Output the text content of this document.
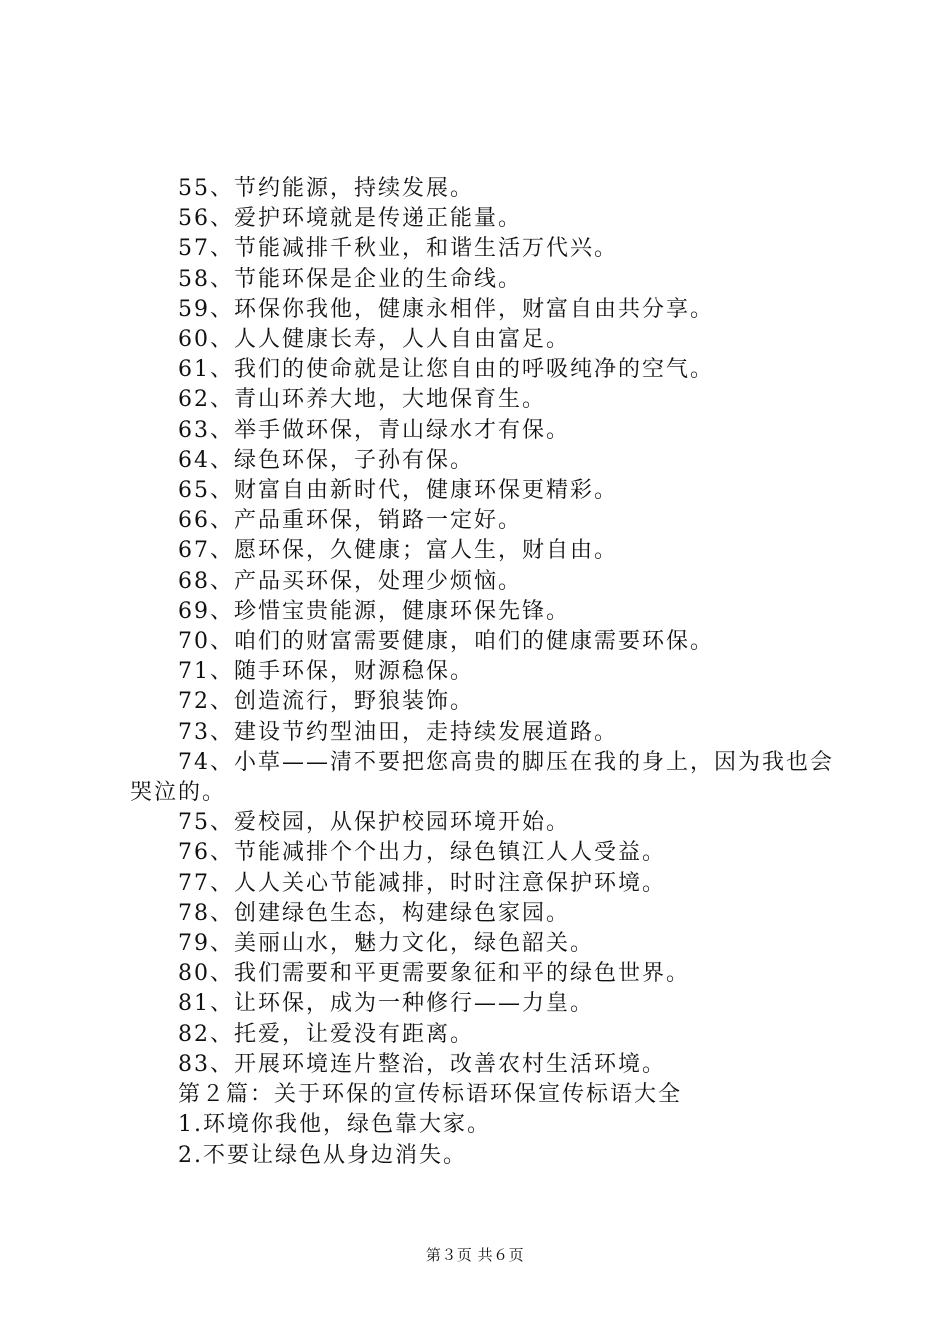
55、节约能源，持续发展。

56、爱护环境就是传递正能量。

57、节能减排千秋业，和谐生活万代兴。

58、节能环保是企业的生命线。

59、环保你我他，健康永相伴，财富自由共分享。

60、人人健康长寿，人人自由富足。

61、我们的使命就是让您自由的呼吸纯净的空气。

62、青山环养大地，大地保育生。

63、举手做环保，青山绿水才有保。

64、绿色环保，子孙有保。

65、财富自由新时代，健康环保更精彩。

66、产品重环保，销路一定好。

67、愿环保，久健康；富人生，财自由。

68、产品买环保，处理少烦恼。

69、珍惜宝贵能源，健康环保先锋。

70、咱们的财富需要健康，咱们的健康需要环保。

71、随手环保，财源稳保。

72、创造流行，野狼装饰。

73、建设节约型油田，走持续发展道路。

74、小草——清不要把您高贵的脚压在我的身上，因为我也会哭泣的。

75、爱校园，从保护校园环境开始。

76、节能减排个个出力，绿色镇江人人受益。

77、人人关心节能减排，时时注意保护环境。

78、创建绿色生态，构建绿色家园。

79、美丽山水，魅力文化，绿色韶关。

80、我们需要和平更需要象征和平的绿色世界。

81、让环保，成为一种修行——力皇。

82、托爱，让爱没有距离。

83、开展环境连片整治，改善农村生活环境。

第２篇：关于环保的宣传标语环保宣传标语大全

1.环境你我他，绿色靠大家。

2.不要让绿色从身边消失。

第３页 共６页
